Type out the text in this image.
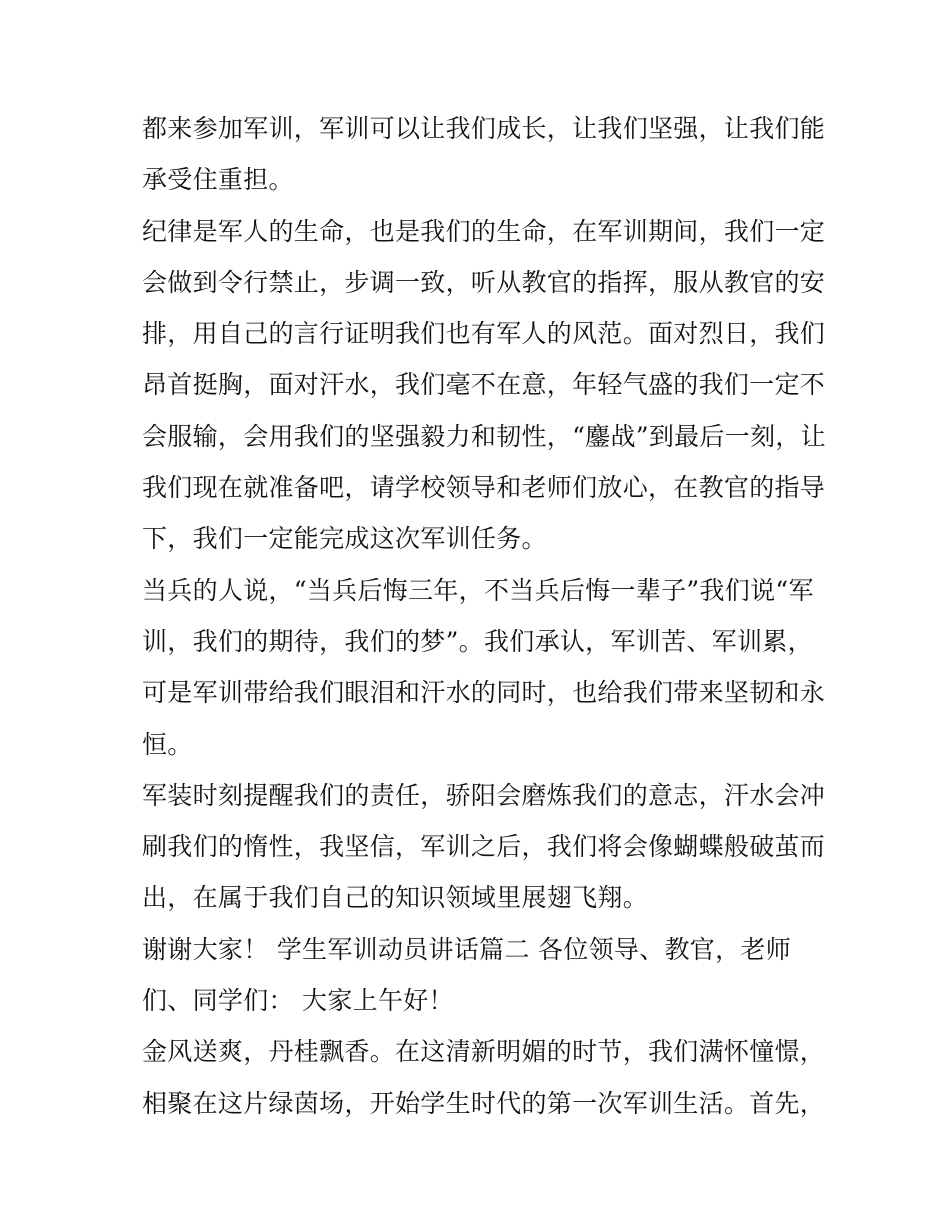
都来参加军训，军训可以让我们成长，让我们坚强，让我们能
承受住重担。
纪律是军人的生命，也是我们的生命，在军训期间，我们一定
会做到令行禁止，步调一致，听从教官的指挥，服从教官的安
排，用自己的言行证明我们也有军人的风范。面对烈日，我们
昂首挺胸，面对汗水，我们毫不在意，年轻气盛的我们一定不
会服输，会用我们的坚强毅力和韧性，“鏖战”到最后一刻，让
我们现在就准备吧，请学校领导和老师们放心，在教官的指导
下，我们一定能完成这次军训任务。
当兵的人说，“当兵后悔三年，不当兵后悔一辈子”我们说“军
训，我们的期待，我们的梦”。我们承认，军训苦、军训累，
可是军训带给我们眼泪和汗水的同时，也给我们带来坚韧和永
恒。
军装时刻提醒我们的责任，骄阳会磨炼我们的意志，汗水会冲
刷我们的惰性，我坚信，军训之后，我们将会像蝴蝶般破茧而
出，在属于我们自己的知识领域里展翅飞翔。
谢谢大家！ 学生军训动员讲话篇二 各位领导、教官，老师
们、同学们： 大家上午好！
金风送爽，丹桂飘香。在这清新明媚的时节，我们满怀憧憬，
相聚在这片绿茵场，开始学生时代的第一次军训生活。首先，
